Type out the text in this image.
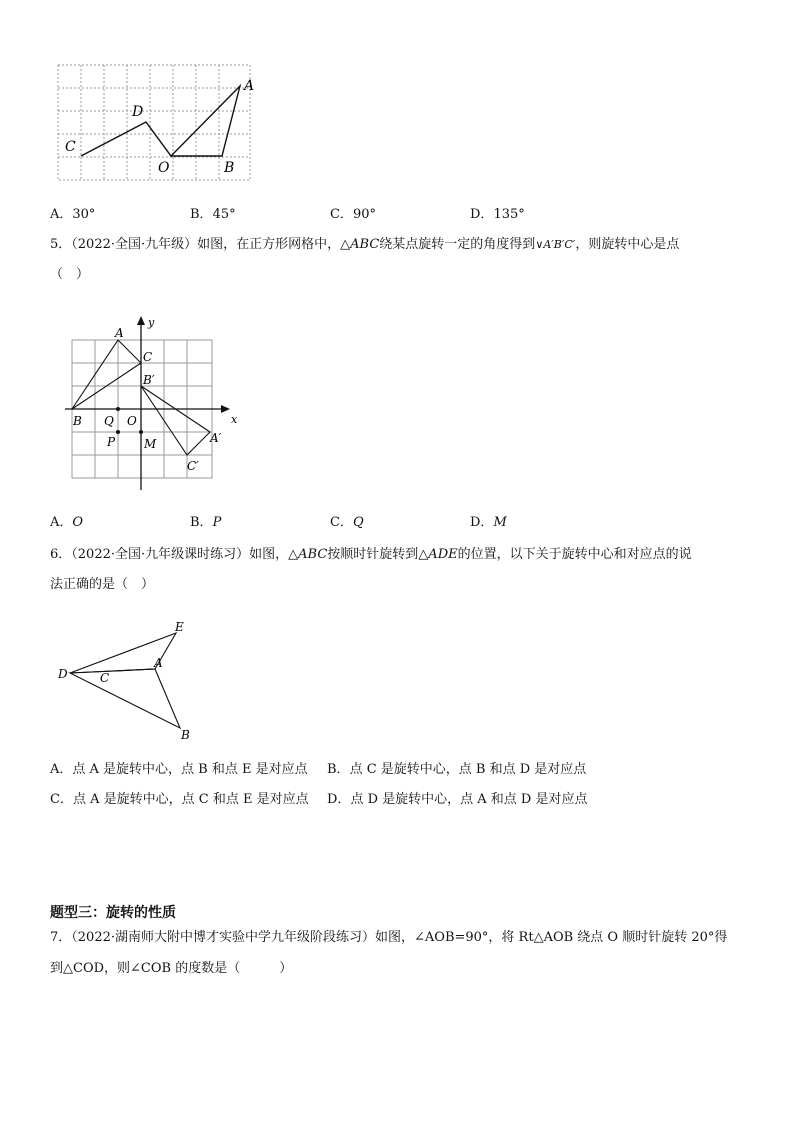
C
D
O	B
A
A．30°	B．45°	C．90°	D．135°
5．（2022·全国·九年级）如图，在正方形网格中，△ABC绕某点旋转一定的角度得到∨A′B′C′，则旋转中心是点
（　）
A
C
B′
B Q O
P M	A′
C′
x
y
A．O	B．P	C．Q	D．M
6．（2022·全国·九年级课时练习）如图，△ABC按顺时针旋转到△ADE的位置，以下关于旋转中心和对应点的说
法正确的是（　）
D
E
A
C
B
A．点 A 是旋转中心，点 B 和点 E 是对应点 B．点 C 是旋转中心，点 B 和点 D 是对应点
C．点 A 是旋转中心，点 C 和点 E 是对应点 D．点 D 是旋转中心，点 A 和点 D 是对应点
题型三：旋转的性质
7．（2022·湖南师大附中博才实验中学九年级阶段练习）如图，∠AOB=90°，将 Rt△AOB 绕点 O 顺时针旋转 20°得
到△COD，则∠COB 的度数是（　　　）
